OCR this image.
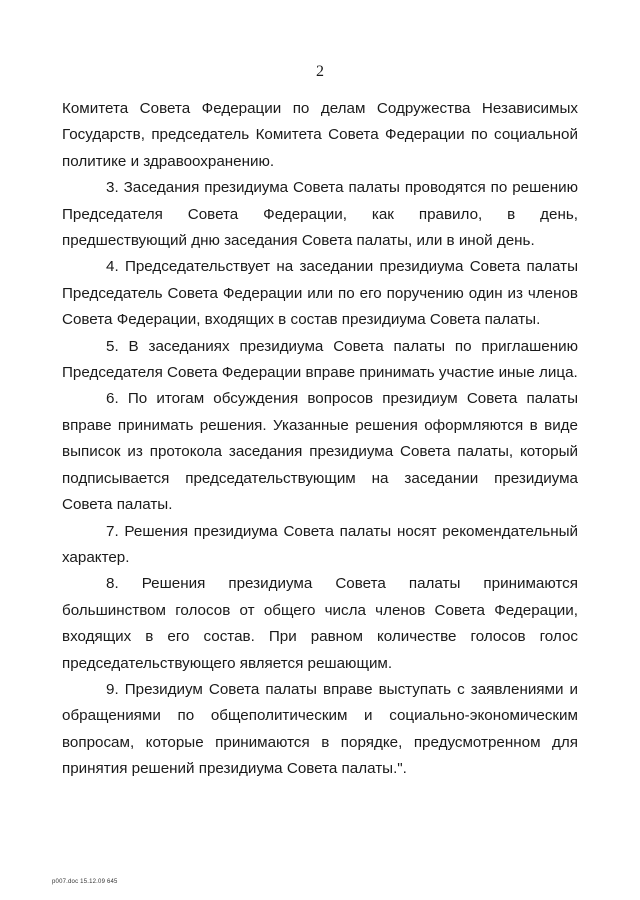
2
Комитета Совета Федерации по делам Содружества Независимых
Государств, председатель Комитета Совета Федерации по социальной
политике и здравоохранению.
3. Заседания президиума Совета палаты проводятся по решению
Председателя Совета Федерации, как правило, в день,
предшествующий дню заседания Совета палаты, или в иной день.
4. Председательствует на заседании президиума Совета палаты
Председатель Совета Федерации или по его поручению один из членов
Совета Федерации, входящих в состав президиума Совета палаты.
5. В заседаниях президиума Совета палаты по приглашению
Председателя Совета Федерации вправе принимать участие иные лица.
6. По итогам обсуждения вопросов президиум Совета палаты
вправе принимать решения. Указанные решения оформляются в виде
выписок из протокола заседания президиума Совета палаты, который
подписывается председательствующим на заседании президиума
Совета палаты.
7. Решения президиума Совета палаты носят рекомендательный
характер.
8. Решения президиума Совета палаты принимаются
большинством голосов от общего числа членов Совета Федерации,
входящих в его состав. При равном количестве голосов голос
председательствующего является решающим.
9. Президиум Совета палаты вправе выступать с заявлениями и
обращениями по общеполитическим и социально-экономическим
вопросам, которые принимаются в порядке, предусмотренном для
принятия решений президиума Совета палаты.".
p007.doc 15.12.09 645
